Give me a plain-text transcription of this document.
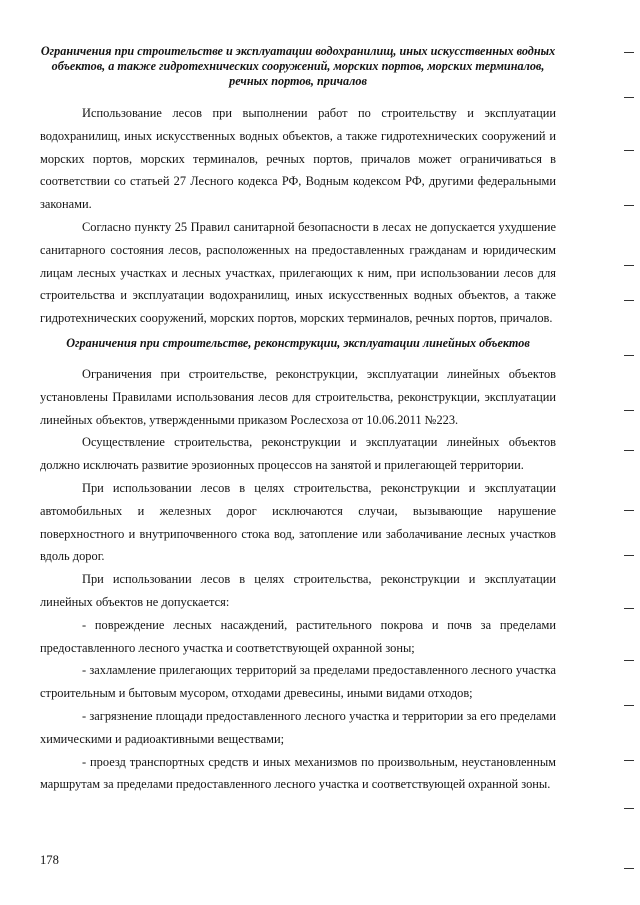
Ограничения при строительстве и эксплуатации водохранилищ, иных искусственных водных объектов, а также гидротехнических сооружений, морских портов, морских терминалов, речных портов, причалов

Использование лесов при выполнении работ по строительству и эксплуатации водохранилищ, иных искусственных водных объектов, а также гидротехнических сооружений и морских портов, морских терминалов, речных портов, причалов может ограничиваться в соответствии со статьей 27 Лесного кодекса РФ, Водным кодексом РФ, другими федеральными законами.

Согласно пункту 25 Правил санитарной безопасности в лесах не допускается ухудшение санитарного состояния лесов, расположенных на предоставленных гражданам и юридическим лицам лесных участках и лесных участках, прилегающих к ним, при использовании лесов для строительства и эксплуатации водохранилищ, иных искусственных водных объектов, а также гидротехнических сооружений, морских портов, морских терминалов, речных портов, причалов.

Ограничения при строительстве, реконструкции, эксплуатации линейных объектов

Ограничения при строительстве, реконструкции, эксплуатации линейных объектов установлены Правилами использования лесов для строительства, реконструкции, эксплуатации линейных объектов, утвержденными приказом Рослесхоза от 10.06.2011 №223.

Осуществление строительства, реконструкции и эксплуатации линейных объектов должно исключать развитие эрозионных процессов на занятой и прилегающей территории.

При использовании лесов в целях строительства, реконструкции и эксплуатации автомобильных и железных дорог исключаются случаи, вызывающие нарушение поверхностного и внутрипочвенного стока вод, затопление или заболачивание лесных участков вдоль дорог.

При использовании лесов в целях строительства, реконструкции и эксплуатации линейных объектов не допускается:

- повреждение лесных насаждений, растительного покрова и почв за пределами предоставленного лесного участка и соответствующей охранной зоны;

- захламление прилегающих территорий за пределами предоставленного лесного участка строительным и бытовым мусором, отходами древесины, иными видами отходов;

- загрязнение площади предоставленного лесного участка и территории за его пределами химическими и радиоактивными веществами;

- проезд транспортных средств и иных механизмов по произвольным, неустановленным маршрутам за пределами предоставленного лесного участка и соответствующей охранной зоны.

178
